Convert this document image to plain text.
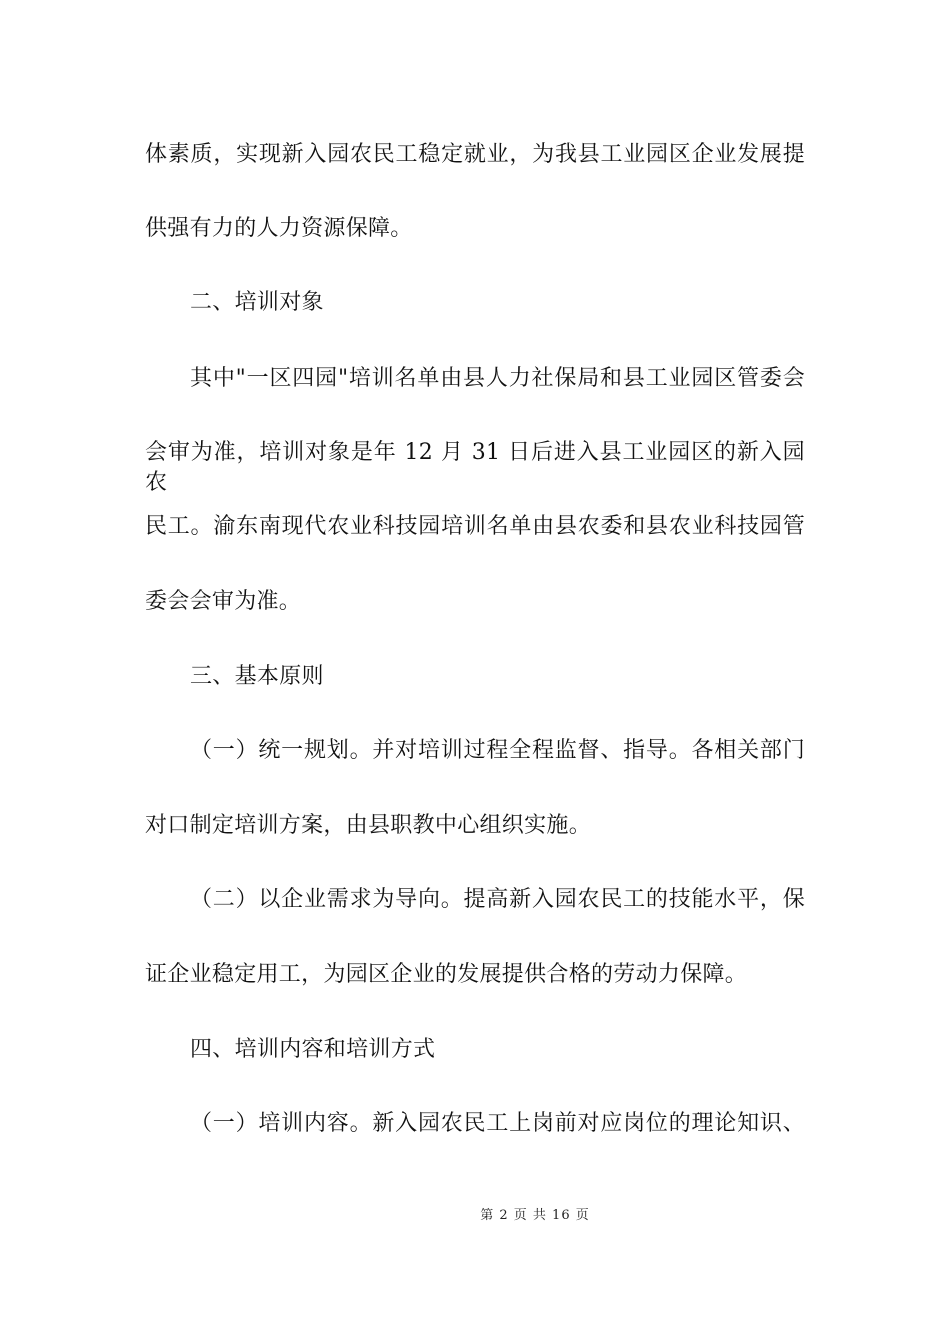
体素质，实现新入园农民工稳定就业，为我县工业园区企业发展提
供强有力的人力资源保障。
二、培训对象
其中"一区四园"培训名单由县人力社保局和县工业园区管委会
会审为准，培训对象是年 12 月 31 日后进入县工业园区的新入园农
民工。渝东南现代农业科技园培训名单由县农委和县农业科技园管
委会会审为准。
三、基本原则
（一）统一规划。并对培训过程全程监督、指导。各相关部门
对口制定培训方案，由县职教中心组织实施。
（二）以企业需求为导向。提高新入园农民工的技能水平，保
证企业稳定用工，为园区企业的发展提供合格的劳动力保障。
四、培训内容和培训方式
（一）培训内容。新入园农民工上岗前对应岗位的理论知识、
第 2 页 共 16 页
